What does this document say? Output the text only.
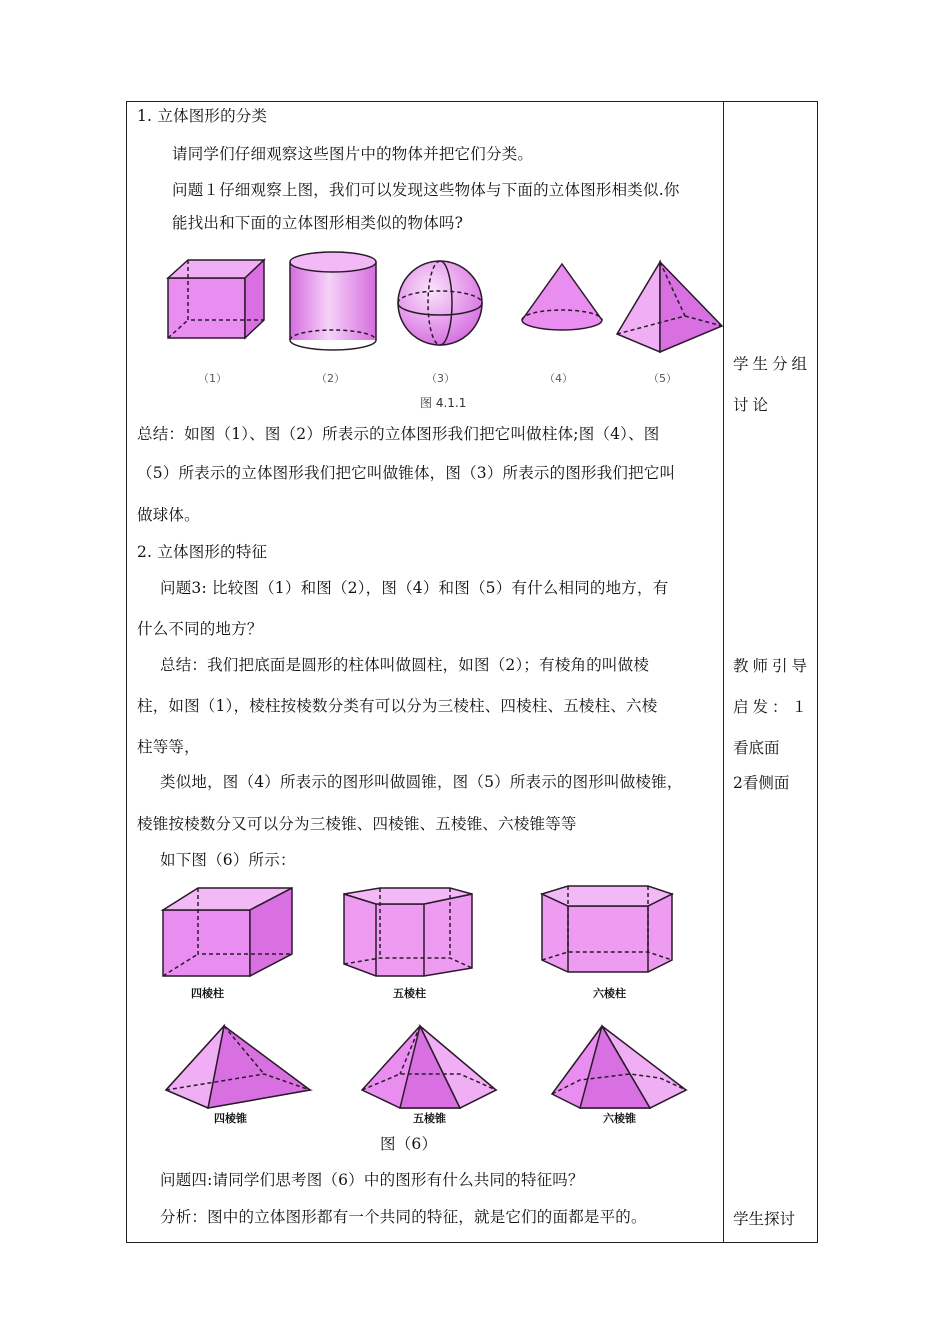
1. 立体图形的分类
请同学们仔细观察这些图片中的物体并把它们分类。
问题１仔细观察上图，我们可以发现这些物体与下面的立体图形相类似.你
能找出和下面的立体图形相类似的物体吗?
（1）	（2）	（3）	（4）	（5）
图 4.1.1
总结：如图（1）、图（2）所表示的立体图形我们把它叫做柱体;图（4）、图
（5）所表示的立体图形我们把它叫做锥体，图（3）所表示的图形我们把它叫
做球体。
2. 立体图形的特征
问题3: 比较图（1）和图（2），图（4）和图（5）有什么相同的地方，有
什么不同的地方？
总结：我们把底面是圆形的柱体叫做圆柱，如图（2）；有棱角的叫做棱
柱，如图（1），棱柱按棱数分类有可以分为三棱柱、四棱柱、五棱柱、六棱
柱等等，
类似地，图（4）所表示的图形叫做圆锥，图（5）所表示的图形叫做棱锥，
棱锥按棱数分又可以分为三棱锥、四棱锥、五棱锥、六棱锥等等
如下图（6）所示：
四棱柱	五棱柱	六棱柱
四棱锥	五棱锥	六棱锥
图（6）
问题四:请同学们思考图（6）中的图形有什么共同的特征吗？
分析：图中的立体图形都有一个共同的特征，就是它们的面都是平的。
学生分组
讨论
教师引导
启发：１
看底面
2看侧面
学生探讨
